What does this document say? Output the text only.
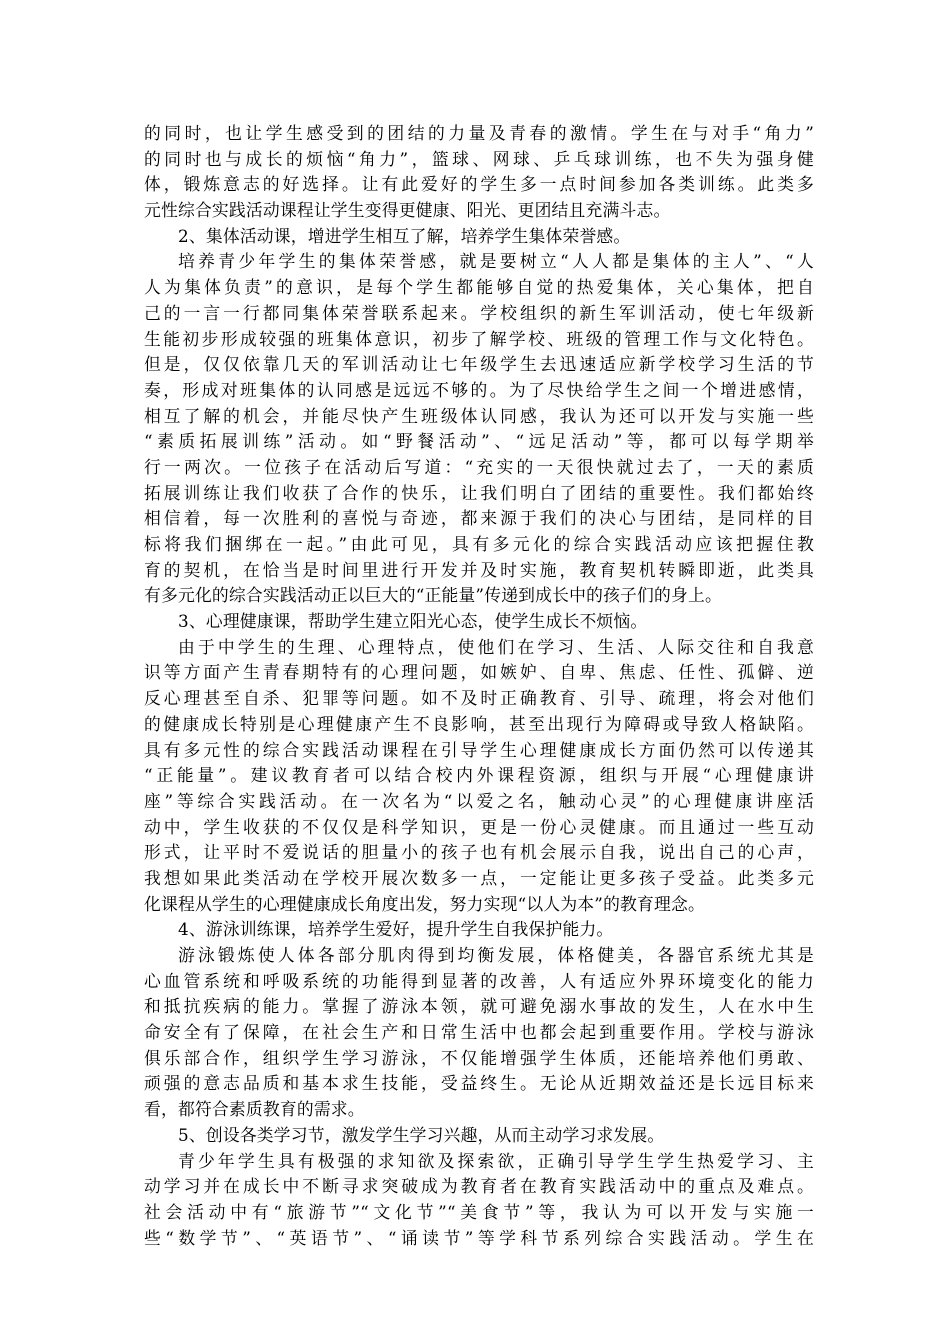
的同时，也让学生感受到的团结的力量及青春的激情。学生在与对手“角力”
的同时也与成长的烦恼“角力”，篮球、网球、乒乓球训练，也不失为强身健
体，锻炼意志的好选择。让有此爱好的学生多一点时间参加各类训练。此类多
元性综合实践活动课程让学生变得更健康、阳光、更团结且充满斗志。
2、集体活动课，增进学生相互了解，培养学生集体荣誉感。
培养青少年学生的集体荣誉感，就是要树立“人人都是集体的主人”、“人
人为集体负责”的意识，是每个学生都能够自觉的热爱集体，关心集体，把自
己的一言一行都同集体荣誉联系起来。学校组织的新生军训活动，使七年级新
生能初步形成较强的班集体意识，初步了解学校、班级的管理工作与文化特色。
但是，仅仅依靠几天的军训活动让七年级学生去迅速适应新学校学习生活的节
奏，形成对班集体的认同感是远远不够的。为了尽快给学生之间一个增进感情，
相互了解的机会，并能尽快产生班级体认同感，我认为还可以开发与实施一些
“素质拓展训练”活动。如“野餐活动”、“远足活动”等，都可以每学期举
行一两次。一位孩子在活动后写道：“充实的一天很快就过去了，一天的素质
拓展训练让我们收获了合作的快乐，让我们明白了团结的重要性。我们都始终
相信着，每一次胜利的喜悦与奇迹，都来源于我们的决心与团结，是同样的目
标将我们捆绑在一起。”由此可见，具有多元化的综合实践活动应该把握住教
育的契机，在恰当是时间里进行开发并及时实施，教育契机转瞬即逝，此类具
有多元化的综合实践活动正以巨大的“正能量”传递到成长中的孩子们的身上。
3、心理健康课，帮助学生建立阳光心态，使学生成长不烦恼。
由于中学生的生理、心理特点，使他们在学习、生活、人际交往和自我意
识等方面产生青春期特有的心理问题，如嫉妒、自卑、焦虑、任性、孤僻、逆
反心理甚至自杀、犯罪等问题。如不及时正确教育、引导、疏理，将会对他们
的健康成长特别是心理健康产生不良影响，甚至出现行为障碍或导致人格缺陷。
具有多元性的综合实践活动课程在引导学生心理健康成长方面仍然可以传递其
“正能量”。建议教育者可以结合校内外课程资源，组织与开展“心理健康讲
座”等综合实践活动。在一次名为“以爱之名，触动心灵”的心理健康讲座活
动中，学生收获的不仅仅是科学知识，更是一份心灵健康。而且通过一些互动
形式，让平时不爱说话的胆量小的孩子也有机会展示自我，说出自己的心声，
我想如果此类活动在学校开展次数多一点，一定能让更多孩子受益。此类多元
化课程从学生的心理健康成长角度出发，努力实现“以人为本”的教育理念。
4、游泳训练课，培养学生爱好，提升学生自我保护能力。
游泳锻炼使人体各部分肌肉得到均衡发展，体格健美，各器官系统尤其是
心血管系统和呼吸系统的功能得到显著的改善，人有适应外界环境变化的能力
和抵抗疾病的能力。掌握了游泳本领，就可避免溺水事故的发生，人在水中生
命安全有了保障，在社会生产和日常生活中也都会起到重要作用。学校与游泳
俱乐部合作，组织学生学习游泳，不仅能增强学生体质，还能培养他们勇敢、
顽强的意志品质和基本求生技能，受益终生。无论从近期效益还是长远目标来
看，都符合素质教育的需求。
5、创设各类学习节，激发学生学习兴趣，从而主动学习求发展。
青少年学生具有极强的求知欲及探索欲，正确引导学生学生热爱学习、主
动学习并在成长中不断寻求突破成为教育者在教育实践活动中的重点及难点。
社会活动中有“旅游节”“文化节”“美食节”等，我认为可以开发与实施一
些“数学节”、“英语节”、“诵读节”等学科节系列综合实践活动。学生在
